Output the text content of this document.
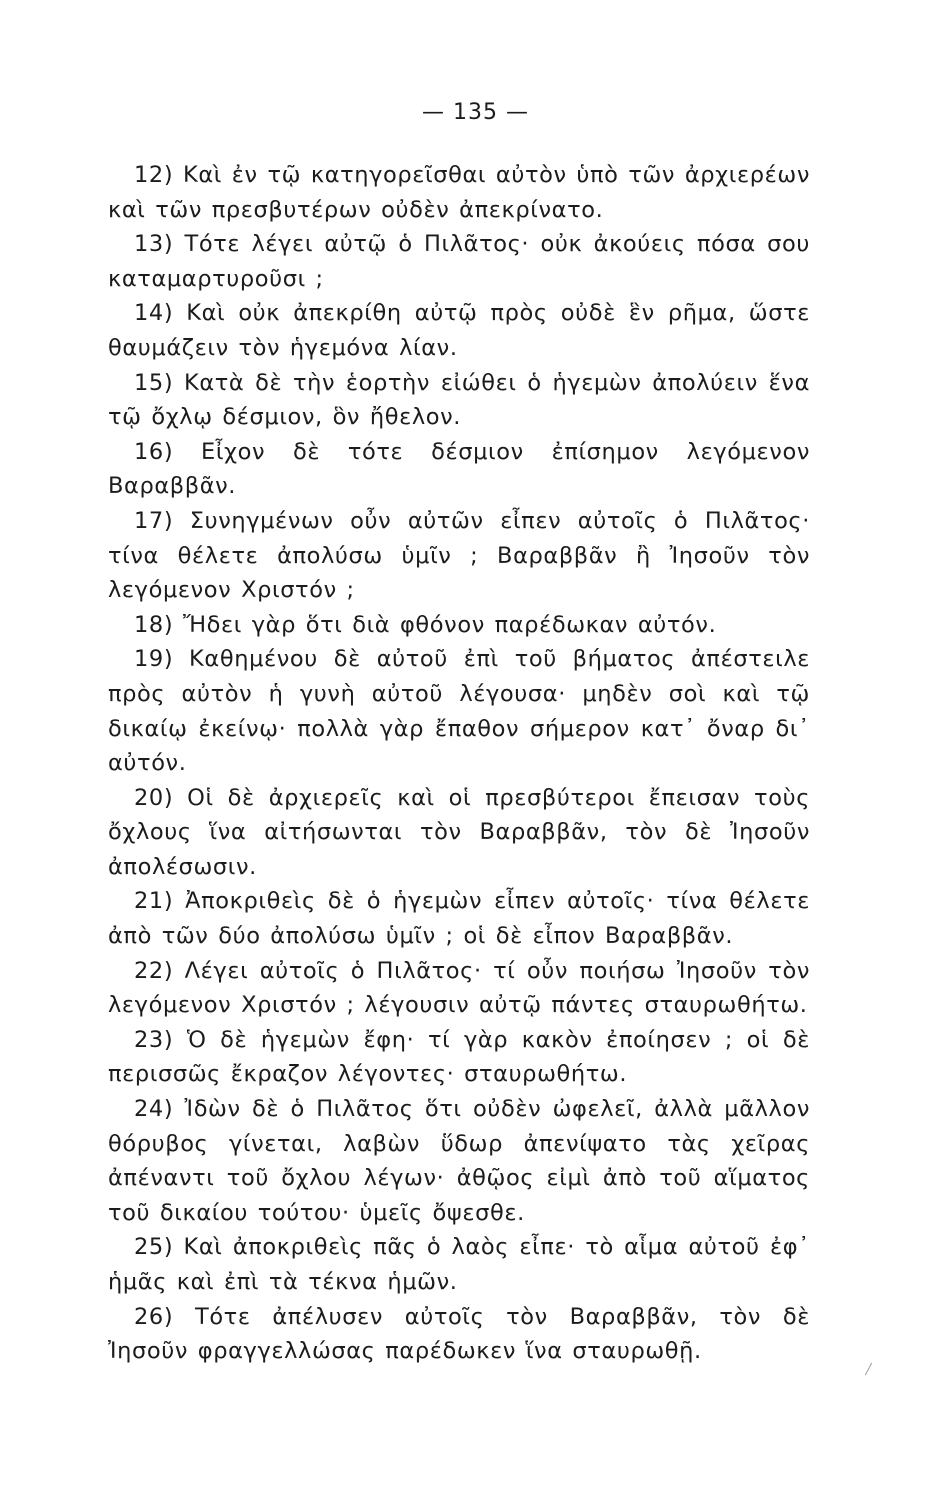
— 135 —

12) Καὶ ἐν τῷ κατηγορεῖσθαι αὐτὸν ὑπὸ τῶν ἀρχιερέων καὶ τῶν πρεσβυτέρων οὐδὲν ἀπεκρίνατο.

13) Τότε λέγει αὐτῷ ὁ Πιλᾶτος· οὐκ ἀκούεις πόσα σου καταμαρτυροῦσι ;

14) Καὶ οὐκ ἀπεκρίθη αὐτῷ πρὸς οὐδὲ ἓν ρῆμα, ὥστε θαυμάζειν τὸν ἡγεμόνα λίαν.

15) Κατὰ δὲ τὴν ἑορτὴν εἰώθει ὁ ἡγεμὼν ἀπολύειν ἕνα τῷ ὄχλῳ δέσμιον, ὃν ἤθελον.

16) Εἶχον δὲ τότε δέσμιον ἐπίσημον λεγόμενον Βαραββᾶν.

17) Συνηγμένων οὖν αὐτῶν εἶπεν αὐτοῖς ὁ Πιλᾶτος· τίνα θέλετε ἀπολύσω ὑμῖν ; Βαραββᾶν ἢ Ἰησοῦν τὸν λεγόμενον Χριστόν ;

18) Ἤδει γὰρ ὅτι διὰ φθόνον παρέδωκαν αὐτόν.

19) Καθημένου δὲ αὐτοῦ ἐπὶ τοῦ βήματος ἀπέστειλε πρὸς αὐτὸν ἡ γυνὴ αὐτοῦ λέγουσα· μηδὲν σοὶ καὶ τῷ δικαίῳ ἐκείνῳ· πολλὰ γὰρ ἔπαθον σήμερον κατ᾿ ὄναρ δι᾿ αὐτόν.

20) Οἱ δὲ ἀρχιερεῖς καὶ οἱ πρεσβύτεροι ἔπεισαν τοὺς ὄχλους ἵνα αἰτήσωνται τὸν Βαραββᾶν, τὸν δὲ Ἰησοῦν ἀπολέσωσιν.

21) Ἀποκριθεὶς δὲ ὁ ἡγεμὼν εἶπεν αὐτοῖς· τίνα θέλετε ἀπὸ τῶν δύο ἀπολύσω ὑμῖν ; οἱ δὲ εἶπον Βαραββᾶν.

22) Λέγει αὐτοῖς ὁ Πιλᾶτος· τί οὖν ποιήσω Ἰησοῦν τὸν λεγόμενον Χριστόν ; λέγουσιν αὐτῷ πάντες σταυρωθήτω.

23) Ὁ δὲ ἡγεμὼν ἔφη· τί γὰρ κακὸν ἐποίησεν ; οἱ δὲ περισσῶς ἔκραζον λέγοντες· σταυρωθήτω.

24) Ἰδὼν δὲ ὁ Πιλᾶτος ὅτι οὐδὲν ὠφελεῖ, ἀλλὰ μᾶλλον θόρυβος γίνεται, λαβὼν ὕδωρ ἀπενίψατο τὰς χεῖρας ἀπέναντι τοῦ ὄχλου λέγων· ἀθῷος εἰμὶ ἀπὸ τοῦ αἵματος τοῦ δικαίου τούτου· ὑμεῖς ὄψεσθε.

25) Καὶ ἀποκριθεὶς πᾶς ὁ λαὸς εἶπε· τὸ αἷμα αὐτοῦ ἐφ᾿ ἡμᾶς καὶ ἐπὶ τὰ τέκνα ἡμῶν.

26) Τότε ἀπέλυσεν αὐτοῖς τὸν Βαραββᾶν, τὸν δὲ Ἰησοῦν φραγγελλώσας παρέδωκεν ἵνα σταυρωθῇ.
